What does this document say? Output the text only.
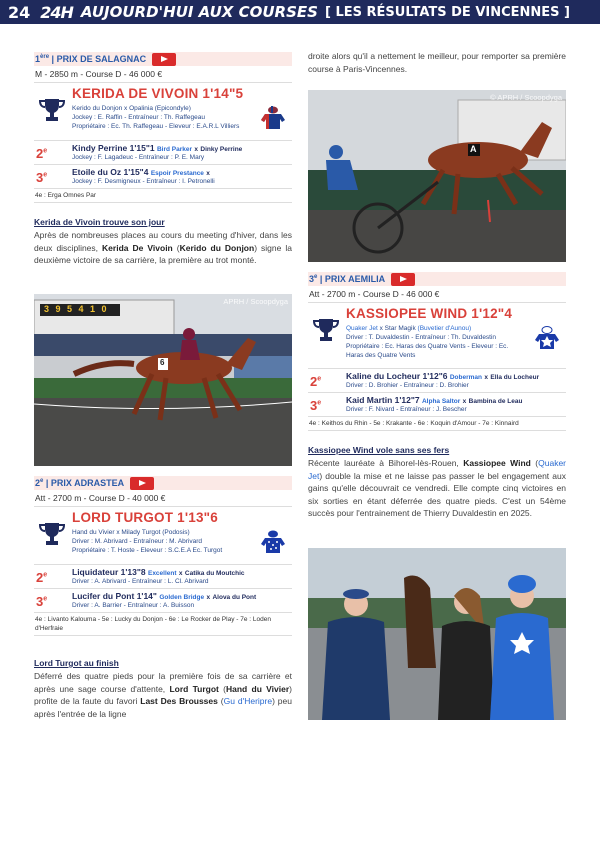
24 24H AUJOURD'HUI AUX COURSES [ LES RÉSULTATS DE VINCENNES ]
1ère | PRIX DE SALAGNAC
M - 2850 m - Course D - 46 000 €
KERIDA DE VIVOIN 1'14"5
Kerido du Donjon x Opalinia (Epicondyle)
Jockey : E. Raffin - Entraîneur : Th. Raffegeau
Propriétaire : Ec. Th. Raffegeau - Eleveur : E.A.R.L Villiers
2e	Kindy Perrine 1'15"1 Bird Parker x Dinky Perrine
Jockey : F. Lagadeuc - Entraîneur : P. E. Mary
3e	Etoile du Oz 1'15"4 Espoir Prestance x
Jockey : F. Desmigneux - Entraîneur : I. Petronelli
4e : Erga Omnes Par
Kerida de Vivoin trouve son jour
Après de nombreuses places au cours du meeting d'hiver, dans les deux disciplines, Kerida De Vivoin (Kerido du Donjon) signe la deuxième victoire de sa carrière, la première au trot monté.
APRH / Scoopdyga
3 9 5 4 1 0
6
2e | PRIX ADRASTEA
Att - 2700 m - Course D - 40 000 €
LORD TURGOT 1'13"6
Hand du Vivier x Milady Turgot (Podosis)
Driver : M. Abrivard - Entraîneur : M. Abrivard
Propriétaire : T. Hoste - Eleveur : S.C.E.A Ec. Turgot
2e	Liquidateur 1'13"8 Excellent x Catika du Moutchic
Driver : A. Abrivard - Entraîneur : L. Cl. Abrivard
3e	Lucifer du Pont 1'14" Golden Bridge x Alova du Pont
Driver : A. Barrier - Entraîneur : A. Buisson
4e : Livanto Kalouma - 5e : Lucky du Donjon - 6e : Le Rocker de Play - 7e : Loden d'Herfraie
Lord Turgot au finish
Déferré des quatre pieds pour la première fois de sa carrière et après une sage course d'attente, Lord Turgot (Hand du Vivier) profite de la faute du favori Last Des Brousses (Gu d'Heripre) peu après l'entrée de la ligne
droite alors qu'il a nettement le meilleur, pour remporter sa première course à Paris-Vincennes.
© APRH / Scoopdyga
A
3e | PRIX AEMILIA
Att - 2700 m - Course D - 46 000 €
KASSIOPEE WIND 1'12"4
Quaker Jet x Star Magik (Buvetier d'Aunou)
Driver : T. Duvaldestin - Entraîneur : Th. Duvaldestin
Propriétaire : Ec. Haras des Quatre Vents - Eleveur : Ec.
Haras des Quatre Vents
2e	Kaline du Locheur 1'12"6 Doberman x Ella du Locheur
Driver : D. Brohier - Entraîneur : D. Brohier
3e	Kaid Martin 1'12"7 Alpha Saltor x Bambina de Leau
Driver : F. Nivard - Entraîneur : J. Bescher
4e : Keithos du Rhin - 5e : Krakante - 6e : Koquin d'Amour - 7e : Kinnaird
Kassiopee Wind vole sans ses fers
Récente lauréate à Bihorel-lès-Rouen, Kassiopee Wind (Quaker Jet) double la mise et ne laisse pas passer le bel engagement aux gains qu'elle découvrait ce vendredi. Elle compte cinq victoires en six sorties en étant déferrée des quatre pieds. C'est un 54ème succès pour l'entrainement de Thierry Duvaldestin en 2025.
